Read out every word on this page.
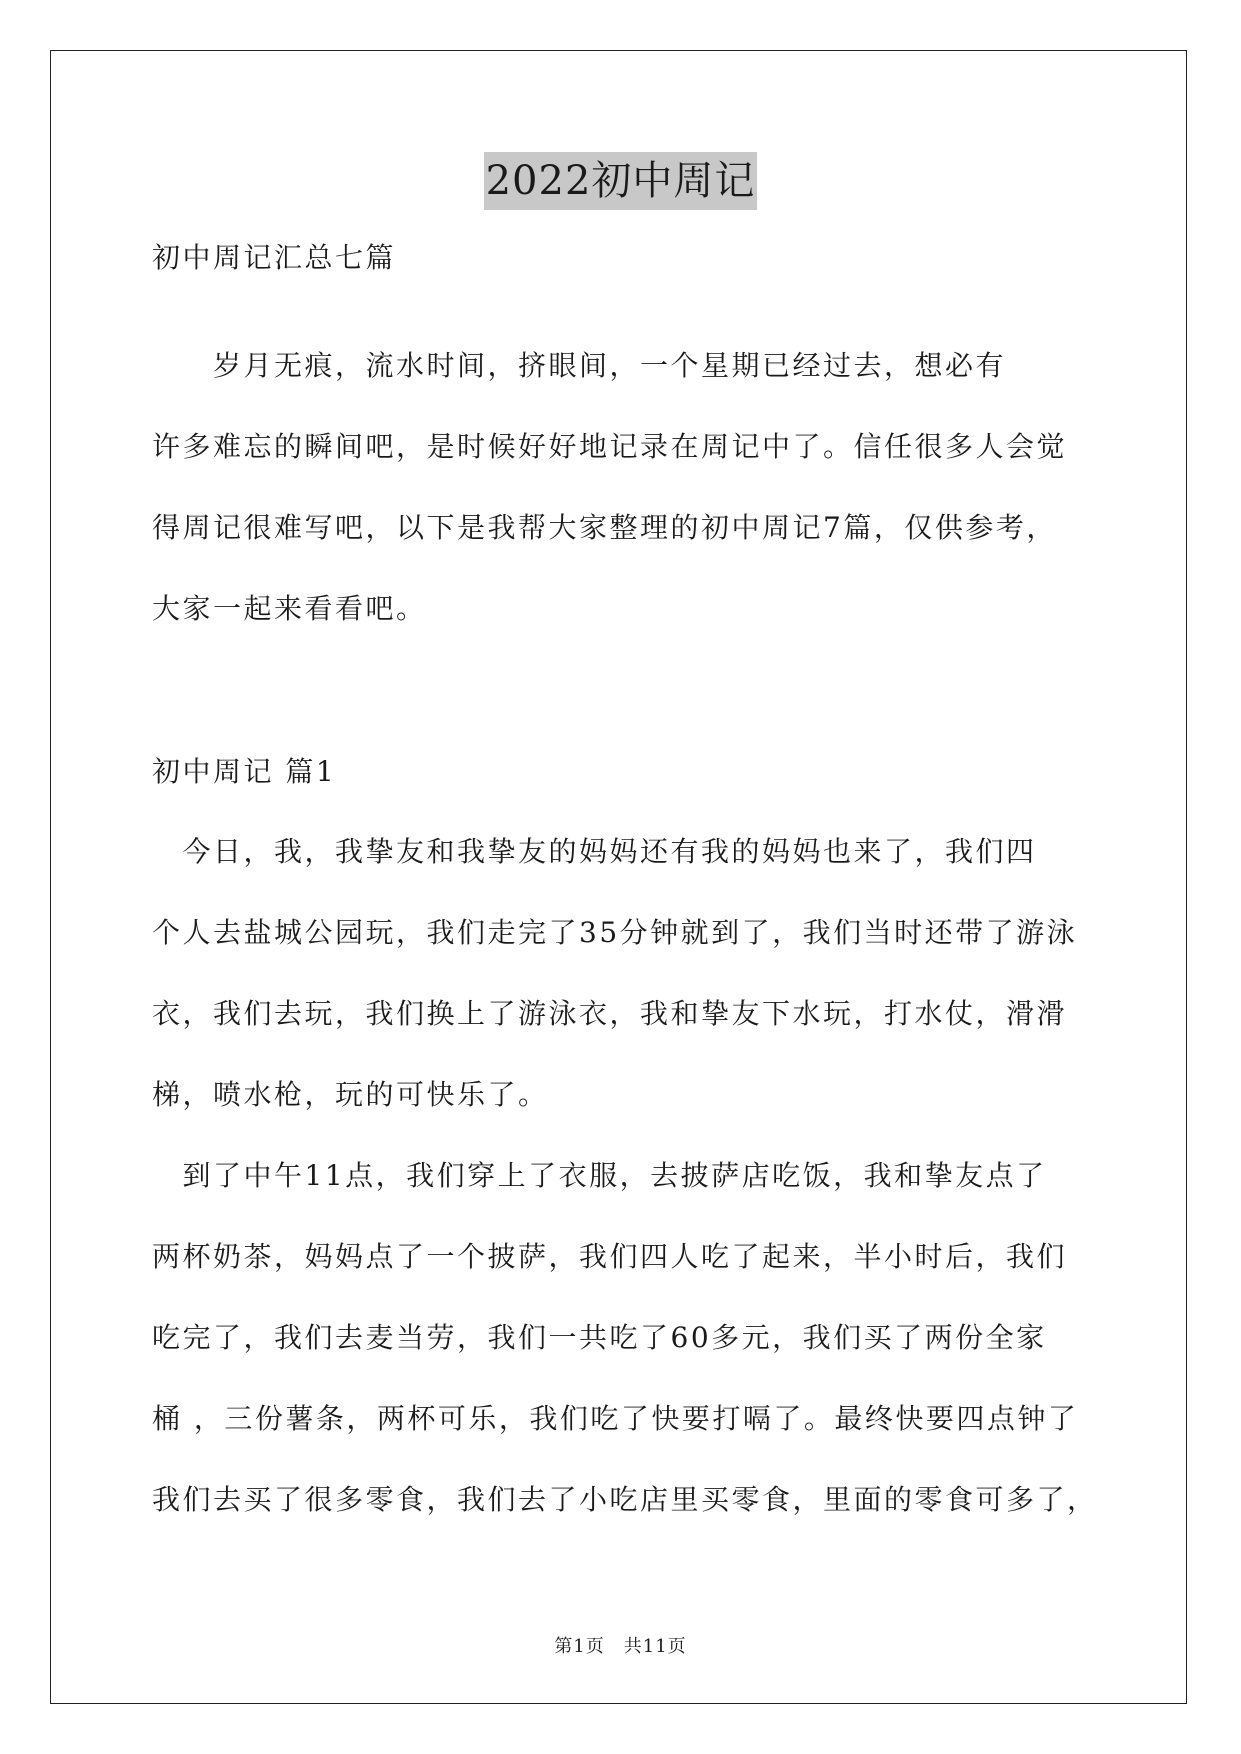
2022初中周记
初中周记汇总七篇
　　岁月无痕，流水时间，挤眼间，一个星期已经过去，想必有
许多难忘的瞬间吧，是时候好好地记录在周记中了。信任很多人会觉
得周记很难写吧，以下是我帮大家整理的初中周记7篇，仅供参考，
大家一起来看看吧。
初中周记 篇1
　今日，我，我挚友和我挚友的妈妈还有我的妈妈也来了，我们四
个人去盐城公园玩，我们走完了35分钟就到了，我们当时还带了游泳
衣，我们去玩，我们换上了游泳衣，我和挚友下水玩，打水仗，滑滑
梯，喷水枪，玩的可快乐了。
　到了中午11点，我们穿上了衣服，去披萨店吃饭，我和挚友点了
两杯奶茶，妈妈点了一个披萨，我们四人吃了起来，半小时后，我们
吃完了，我们去麦当劳，我们一共吃了60多元，我们买了两份全家
桶 ，三份薯条，两杯可乐，我们吃了快要打嗝了。最终快要四点钟了
我们去买了很多零食，我们去了小吃店里买零食，里面的零食可多了，
第1页　共11页
